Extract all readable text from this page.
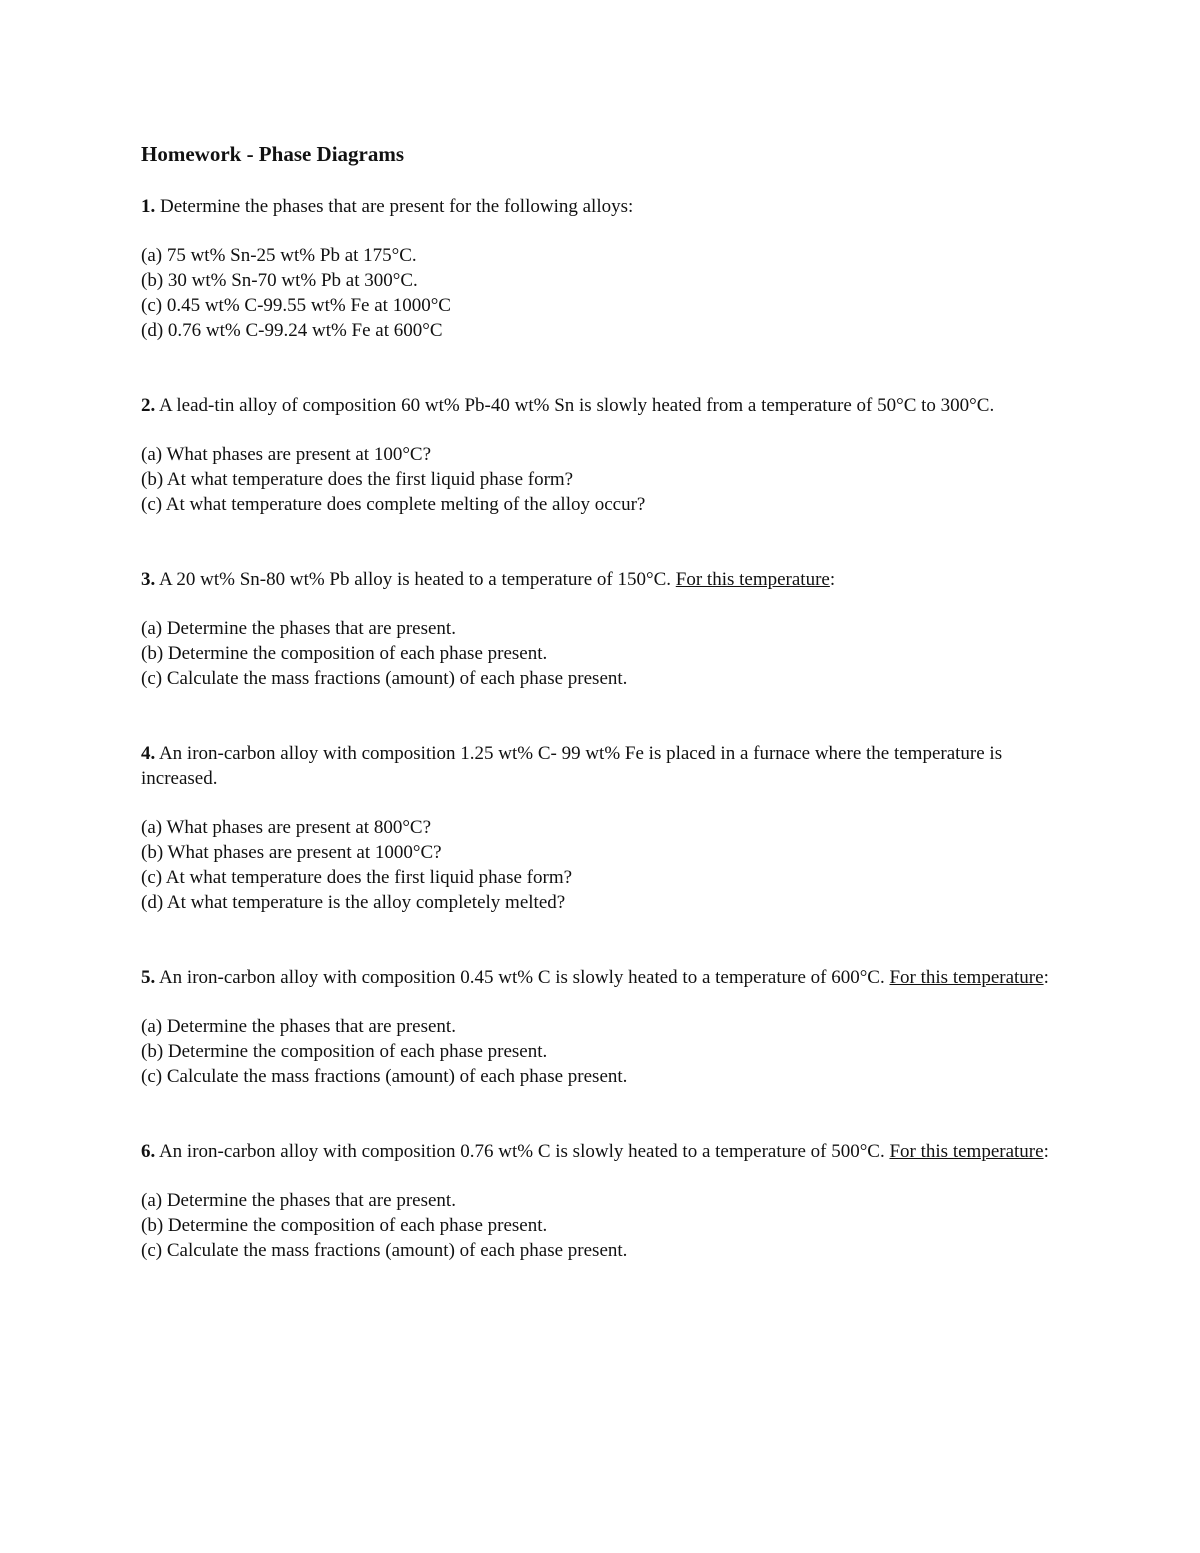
Homework - Phase Diagrams

1. Determine the phases that are present for the following alloys:

(a) 75 wt% Sn-25 wt% Pb at 175°C.

(b) 30 wt% Sn-70 wt% Pb at 300°C.

(c) 0.45 wt% C-99.55 wt% Fe at 1000°C

(d) 0.76 wt% C-99.24 wt% Fe at 600°C

2. A lead-tin alloy of composition 60 wt% Pb-40 wt% Sn is slowly heated from a temperature of 50°C to 300°C.

(a) What phases are present at 100°C?

(b) At what temperature does the first liquid phase form?

(c) At what temperature does complete melting of the alloy occur?

3. A 20 wt% Sn-80 wt% Pb alloy is heated to a temperature of 150°C. For this temperature:

(a) Determine the phases that are present.

(b) Determine the composition of each phase present.

(c) Calculate the mass fractions (amount) of each phase present.

4. An iron-carbon alloy with composition 1.25 wt% C- 99 wt% Fe is placed in a furnace where the temperature is increased.

(a) What phases are present at 800°C?

(b) What phases are present at 1000°C?

(c) At what temperature does the first liquid phase form?

(d) At what temperature is the alloy completely melted?

5. An iron-carbon alloy with composition 0.45 wt% C is slowly heated to a temperature of 600°C. For this temperature:

(a) Determine the phases that are present.

(b) Determine the composition of each phase present.

(c) Calculate the mass fractions (amount) of each phase present.

6. An iron-carbon alloy with composition 0.76 wt% C is slowly heated to a temperature of 500°C. For this temperature:

(a) Determine the phases that are present.

(b) Determine the composition of each phase present.

(c) Calculate the mass fractions (amount) of each phase present.
